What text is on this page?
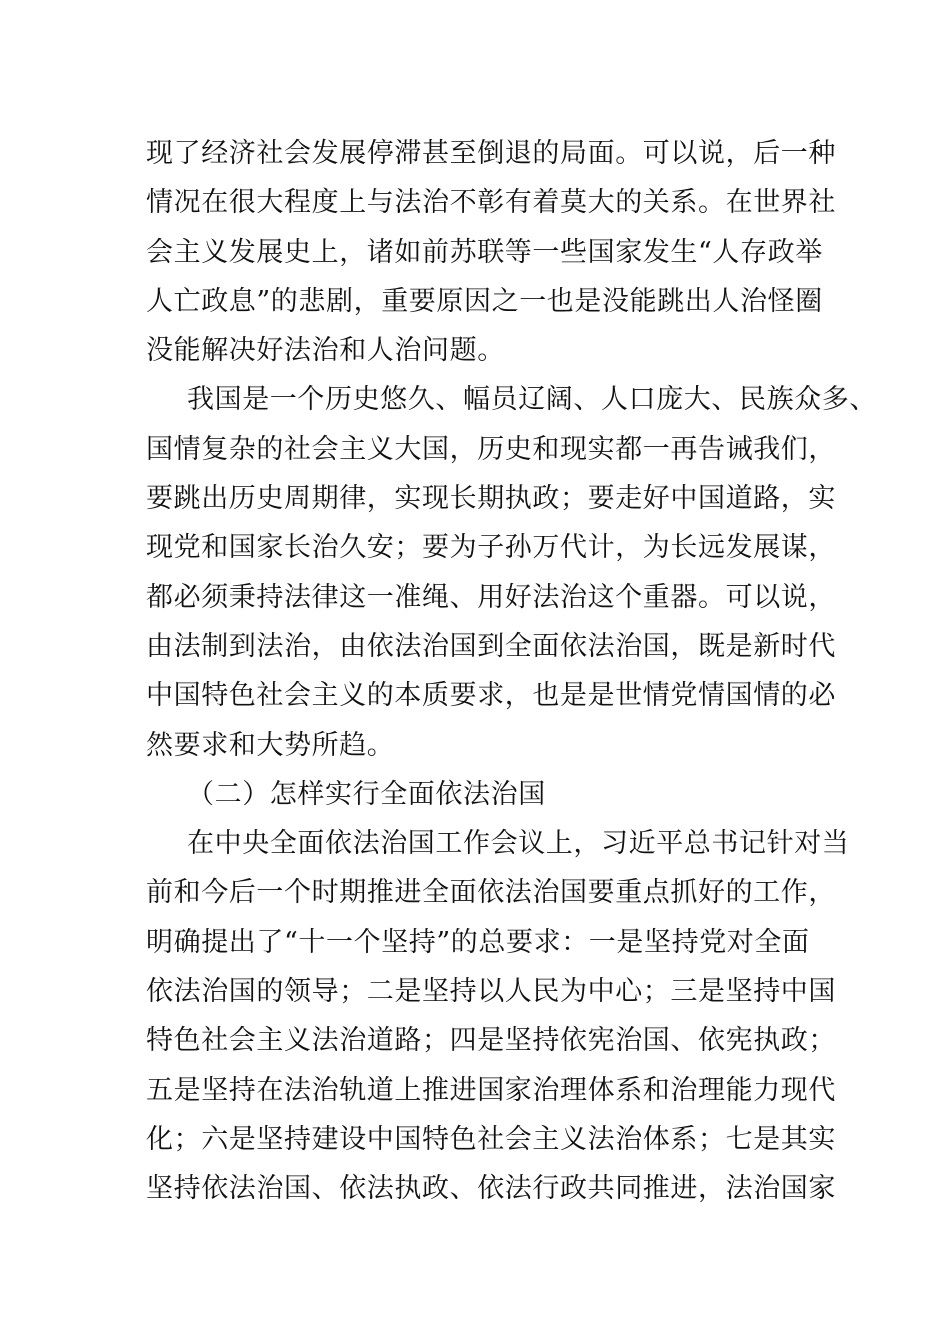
现了经济社会发展停滞甚至倒退的局面。可以说，后一种
情况在很大程度上与法治不彰有着莫大的关系。在世界社
会主义发展史上，诸如前苏联等一些国家发生“人存政举
人亡政息”的悲剧，重要原因之一也是没能跳出人治怪圈
没能解决好法治和人治问题。
我国是一个历史悠久、幅员辽阔、人口庞大、民族众多、
国情复杂的社会主义大国，历史和现实都一再告诫我们，
要跳出历史周期律，实现长期执政；要走好中国道路，实
现党和国家长治久安；要为子孙万代计，为长远发展谋，
都必须秉持法律这一准绳、用好法治这个重器。可以说，
由法制到法治，由依法治国到全面依法治国，既是新时代
中国特色社会主义的本质要求，也是是世情党情国情的必
然要求和大势所趋。
（二）怎样实行全面依法治国
在中央全面依法治国工作会议上，习近平总书记针对当
前和今后一个时期推进全面依法治国要重点抓好的工作，
明确提出了“十一个坚持”的总要求：一是坚持党对全面
依法治国的领导；二是坚持以人民为中心；三是坚持中国
特色社会主义法治道路；四是坚持依宪治国、依宪执政；
五是坚持在法治轨道上推进国家治理体系和治理能力现代
化；六是坚持建设中国特色社会主义法治体系；七是其实
坚持依法治国、依法执政、依法行政共同推进，法治国家
